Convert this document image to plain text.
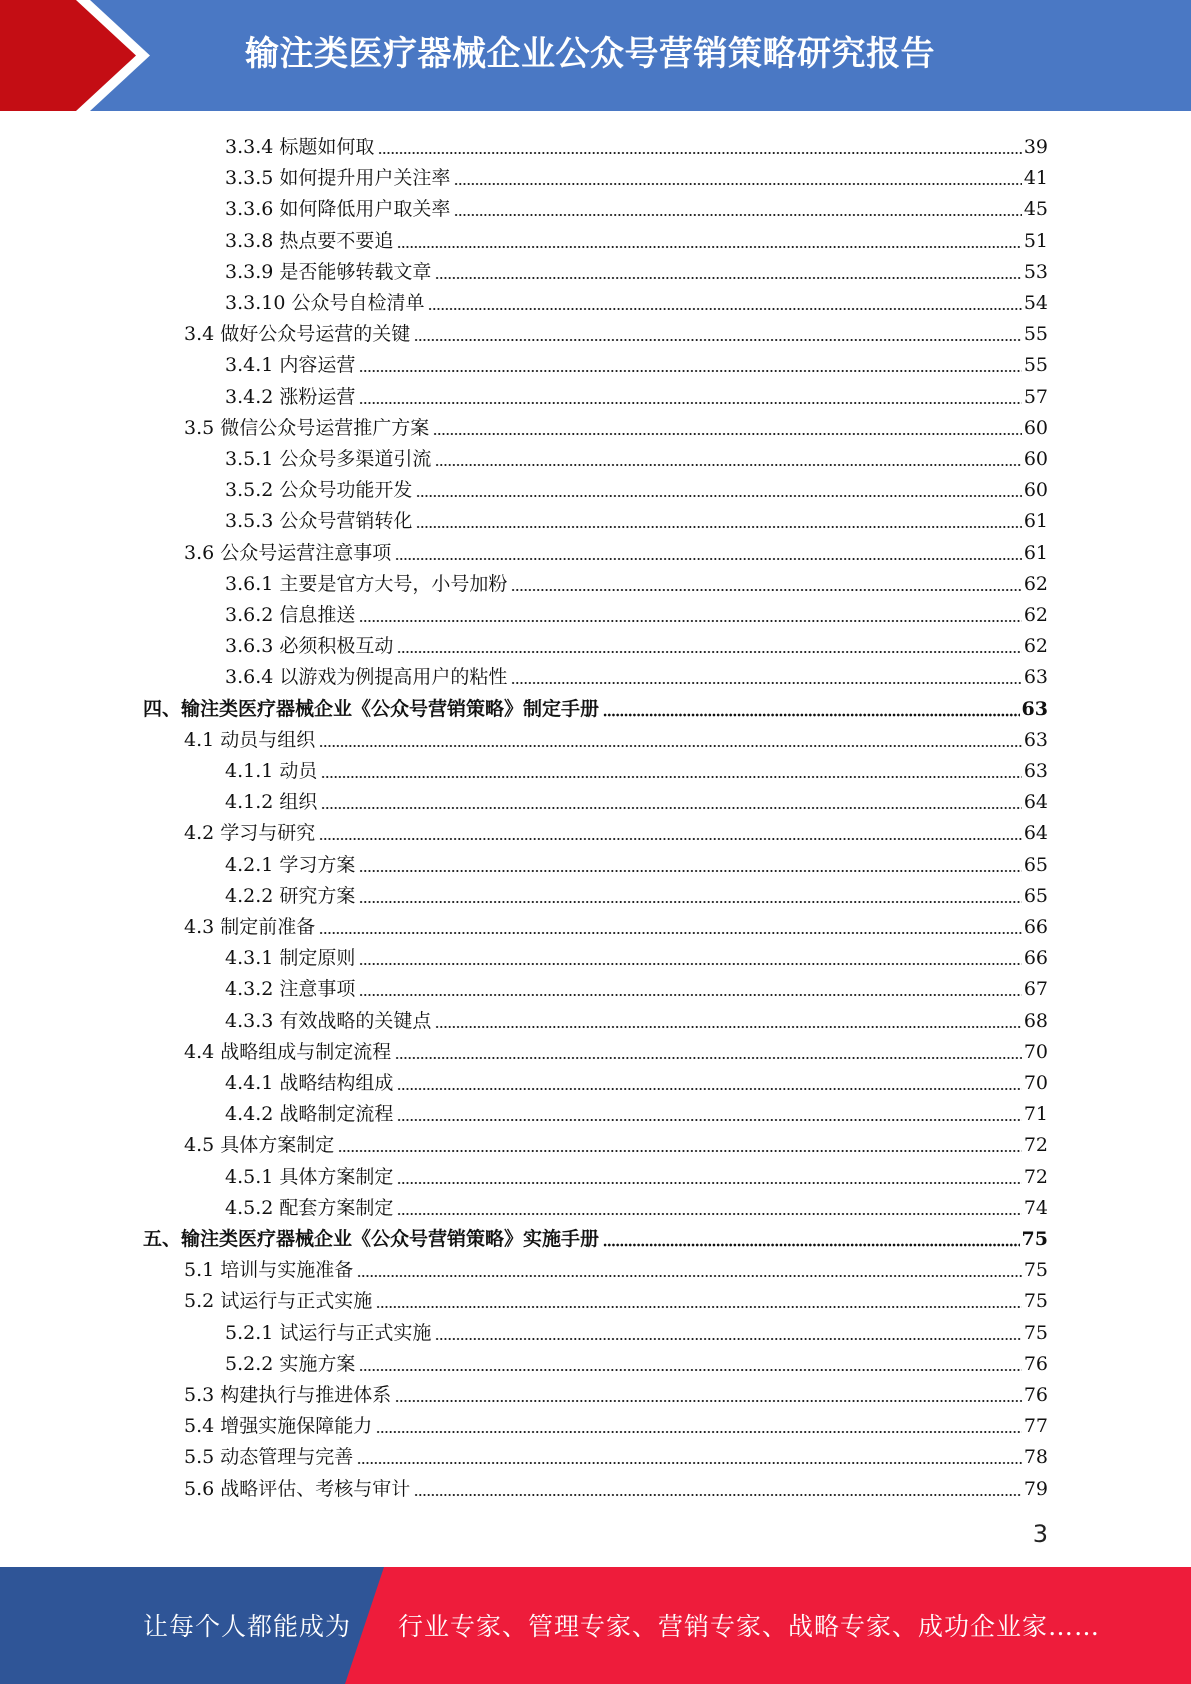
输注类医疗器械企业公众号营销策略研究报告
3.3.4 标题如何取	39
3.3.5 如何提升用户关注率	41
3.3.6 如何降低用户取关率	45
3.3.8 热点要不要追	51
3.3.9 是否能够转载文章	53
3.3.10 公众号自检清单	54
3.4 做好公众号运营的关键	55
3.4.1 内容运营	55
3.4.2 涨粉运营	57
3.5 微信公众号运营推广方案	60
3.5.1 公众号多渠道引流	60
3.5.2 公众号功能开发	60
3.5.3 公众号营销转化	61
3.6 公众号运营注意事项	61
3.6.1 主要是官方大号，小号加粉	62
3.6.2 信息推送	62
3.6.3 必须积极互动	62
3.6.4 以游戏为例提高用户的粘性	63
四、输注类医疗器械企业《公众号营销策略》制定手册	63
4.1 动员与组织	63
4.1.1 动员	63
4.1.2 组织	64
4.2 学习与研究	64
4.2.1 学习方案	65
4.2.2 研究方案	65
4.3 制定前准备	66
4.3.1 制定原则	66
4.3.2 注意事项	67
4.3.3 有效战略的关键点	68
4.4 战略组成与制定流程	70
4.4.1 战略结构组成	70
4.4.2 战略制定流程	71
4.5 具体方案制定	72
4.5.1 具体方案制定	72
4.5.2 配套方案制定	74
五、输注类医疗器械企业《公众号营销策略》实施手册	75
5.1 培训与实施准备	75
5.2 试运行与正式实施	75
5.2.1 试运行与正式实施	75
5.2.2 实施方案	76
5.3 构建执行与推进体系	76
5.4 增强实施保障能力	77
5.5 动态管理与完善	78
5.6 战略评估、考核与审计	79
3
让每个人都能成为 行业专家、管理专家、营销专家、战略专家、成功企业家……
